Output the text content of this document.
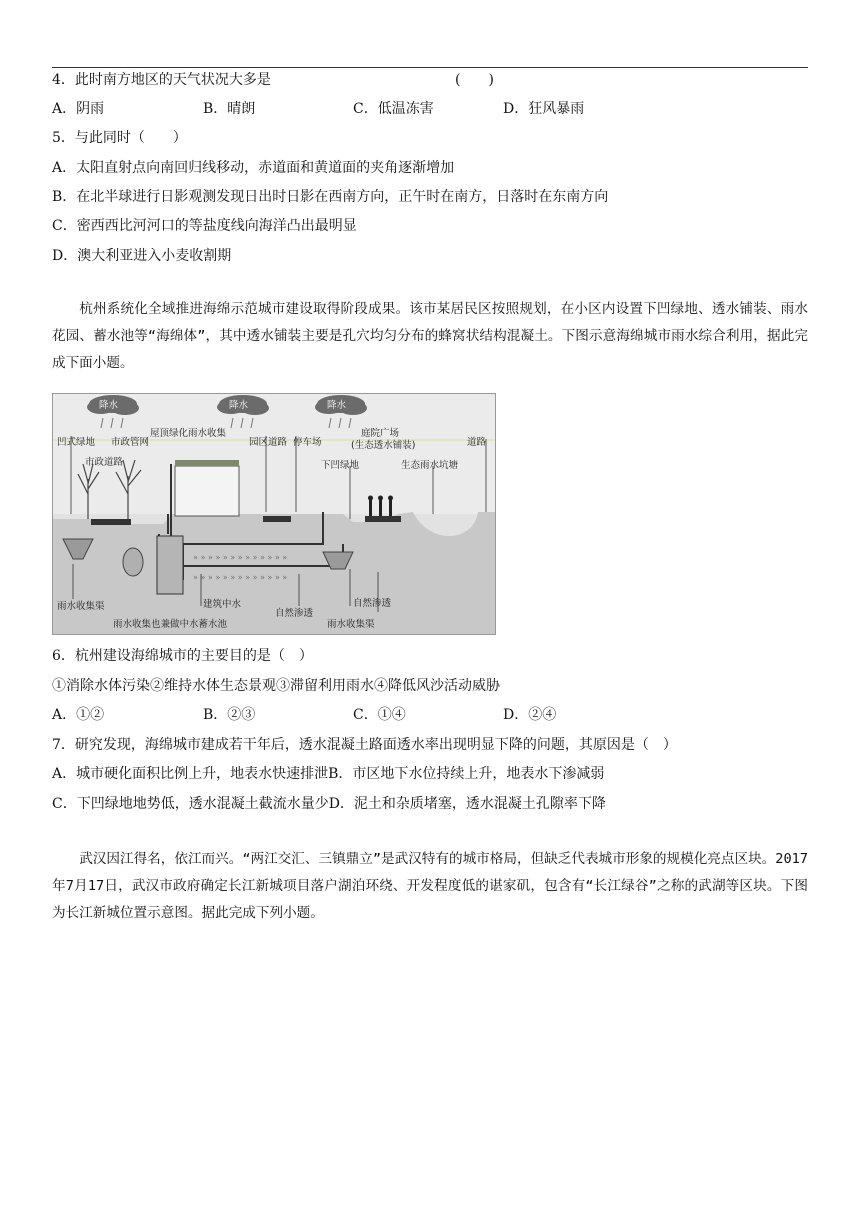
4．此时南方地区的天气状况大多是	(　　)
A．阴雨	B．晴朗	C．低温冻害	D．狂风暴雨
5．与此同时（　　）
A．太阳直射点向南回归线移动，赤道面和黄道面的夹角逐渐增加
B．在北半球进行日影观测发现日出时日影在西南方向，正午时在南方，日落时在东南方向
C．密西西比河河口的等盐度线向海洋凸出最明显
D．澳大利亚进入小麦收割期
杭州系统化全域推进海绵示范城市建设取得阶段成果。该市某居民区按照规划，在小区内设置下凹绿地、透水铺装、雨水花园、蓄水池等“海绵体”，其中透水铺装主要是孔穴均匀分布的蜂窝状结构混凝土。下图示意海绵城市雨水综合利用，据此完成下面小题。
» » » » » » » » » » » » »
» » » » » » » » » » » » »
降水	降水	降水
凹式绿地 市政管网
屋顶绿化雨水收集
园区道路 停车场
庭院广场
(生态透水铺装)	道路
市政道路	下凹绿地	生态雨水坑塘
雨水收集渠	建筑中水
自然渗透
自然渗透
雨水收集渠
雨水收集也兼做中水蓄水池
6．杭州建设海绵城市的主要目的是（　）
①消除水体污染②维持水体生态景观③滞留利用雨水④降低风沙活动威胁
A．①②	B．②③	C．①④	D．②④
7．研究发现，海绵城市建成若干年后，透水混凝土路面透水率出现明显下降的问题，其原因是（　）
A．城市硬化面积比例上升，地表水快速排泄B．市区地下水位持续上升，地表水下渗减弱
C．下凹绿地地势低，透水混凝土截流水量少D．泥土和杂质堵塞，透水混凝土孔隙率下降
武汉因江得名，依江而兴。“两江交汇、三镇鼎立”是武汉特有的城市格局，但缺乏代表城市形象的规模化亮点区块。2017年7月17日，武汉市政府确定长江新城项目落户湖泊环绕、开发程度低的谌家矶，包含有“长江绿谷”之称的武湖等区块。下图为长江新城位置示意图。据此完成下列小题。
